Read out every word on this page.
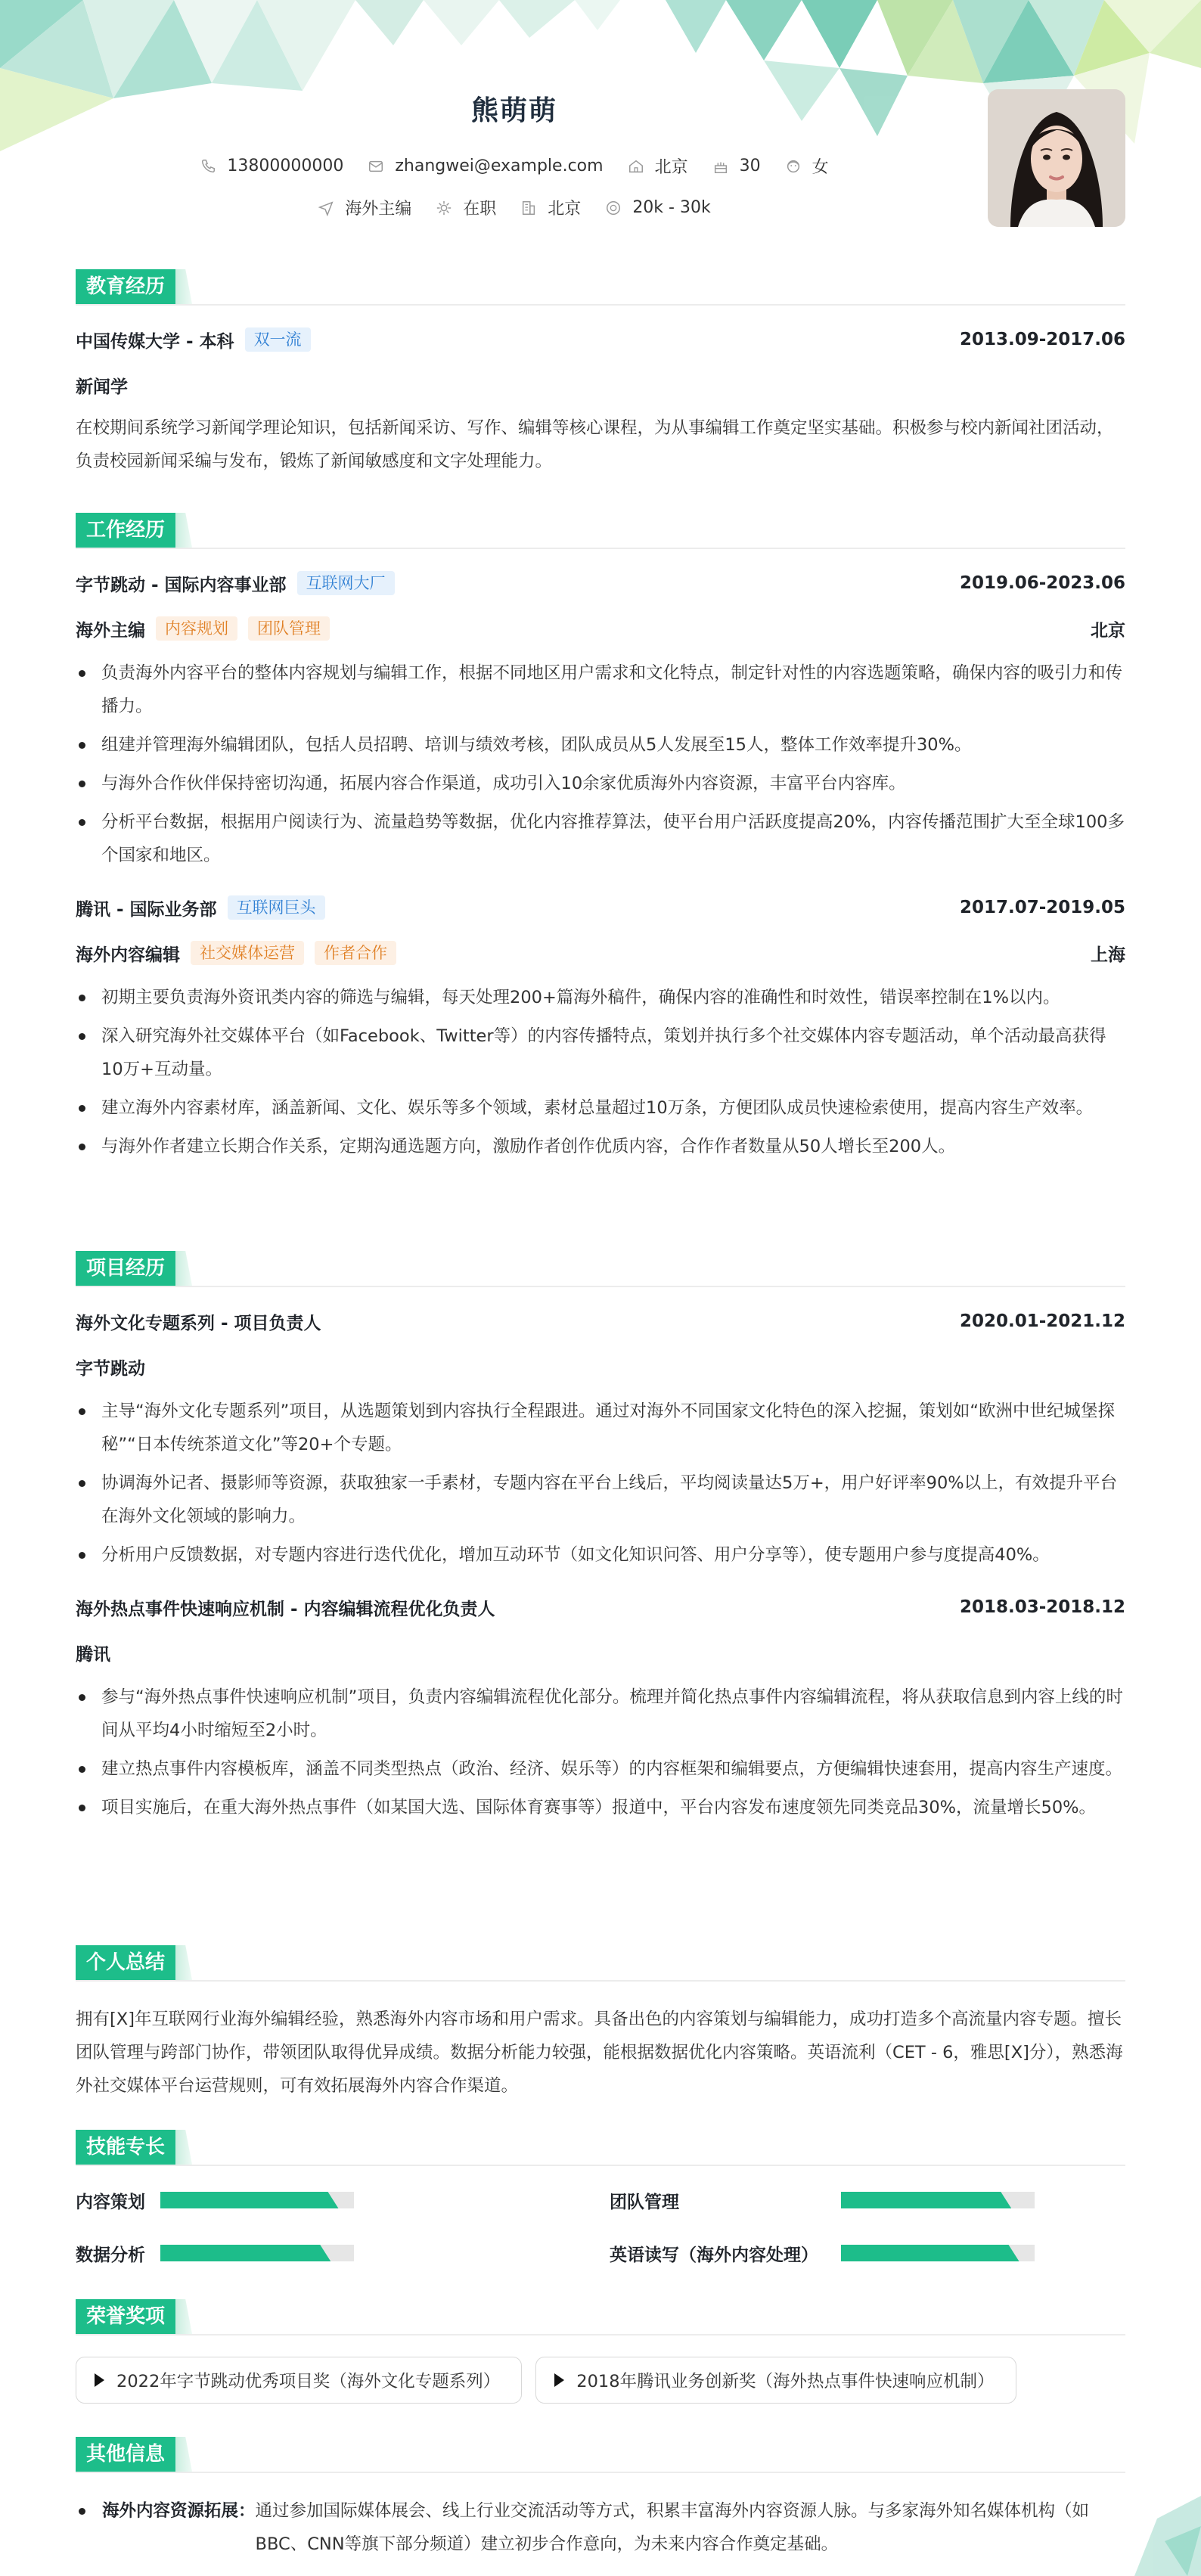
熊萌萌
13800000000	zhangwei@example.com	北京	30	女
海外主编	在职	北京	20k - 30k
教育经历
中国传媒大学 - 本科	双一流	2013.09-2017.06
新闻学
在校期间系统学习新闻学理论知识，包括新闻采访、写作、编辑等核心课程，为从事编辑工作奠定坚实基础。积极参与校内新闻社团活动，负责校园新闻采编与发布，锻炼了新闻敏感度和文字处理能力。
工作经历
字节跳动 - 国际内容事业部	互联网大厂	2019.06-2023.06
海外主编	内容规划	团队管理	北京
负责海外内容平台的整体内容规划与编辑工作，根据不同地区用户需求和文化特点，制定针对性的内容选题策略，确保内容的吸引力和传播力。
组建并管理海外编辑团队，包括人员招聘、培训与绩效考核，团队成员从5人发展至15人，整体工作效率提升30%。
与海外合作伙伴保持密切沟通，拓展内容合作渠道，成功引入10余家优质海外内容资源，丰富平台内容库。
分析平台数据，根据用户阅读行为、流量趋势等数据，优化内容推荐算法，使平台用户活跃度提高20%，内容传播范围扩大至全球100多个国家和地区。
腾讯 - 国际业务部	互联网巨头	2017.07-2019.05
海外内容编辑	社交媒体运营	作者合作	上海
初期主要负责海外资讯类内容的筛选与编辑，每天处理200+篇海外稿件，确保内容的准确性和时效性，错误率控制在1%以内。
深入研究海外社交媒体平台（如Facebook、Twitter等）的内容传播特点，策划并执行多个社交媒体内容专题活动，单个活动最高获得10万+互动量。
建立海外内容素材库，涵盖新闻、文化、娱乐等多个领域，素材总量超过10万条，方便团队成员快速检索使用，提高内容生产效率。
与海外作者建立长期合作关系，定期沟通选题方向，激励作者创作优质内容，合作作者数量从50人增长至200人。
项目经历
海外文化专题系列 - 项目负责人	2020.01-2021.12
字节跳动
主导“海外文化专题系列”项目，从选题策划到内容执行全程跟进。通过对海外不同国家文化特色的深入挖掘，策划如“欧洲中世纪城堡探秘”“日本传统茶道文化”等20+个专题。
协调海外记者、摄影师等资源，获取独家一手素材，专题内容在平台上线后，平均阅读量达5万+，用户好评率90%以上，有效提升平台在海外文化领域的影响力。
分析用户反馈数据，对专题内容进行迭代优化，增加互动环节（如文化知识问答、用户分享等），使专题用户参与度提高40%。
海外热点事件快速响应机制 - 内容编辑流程优化负责人	2018.03-2018.12
腾讯
参与“海外热点事件快速响应机制”项目，负责内容编辑流程优化部分。梳理并简化热点事件内容编辑流程，将从获取信息到内容上线的时间从平均4小时缩短至2小时。
建立热点事件内容模板库，涵盖不同类型热点（政治、经济、娱乐等）的内容框架和编辑要点，方便编辑快速套用，提高内容生产速度。
项目实施后，在重大海外热点事件（如某国大选、国际体育赛事等）报道中，平台内容发布速度领先同类竞品30%，流量增长50%。
个人总结
拥有[X]年互联网行业海外编辑经验，熟悉海外内容市场和用户需求。具备出色的内容策划与编辑能力，成功打造多个高流量内容专题。擅长团队管理与跨部门协作，带领团队取得优异成绩。数据分析能力较强，能根据数据优化内容策略。英语流利（CET - 6，雅思[X]分），熟悉海外社交媒体平台运营规则，可有效拓展海外内容合作渠道。
技能专长
内容策划	团队管理
数据分析	英语读写（海外内容处理）
荣誉奖项
2022年字节跳动优秀项目奖（海外文化专题系列）	2018年腾讯业务创新奖（海外热点事件快速响应机制）
其他信息
海外内容资源拓展： 通过参加国际媒体展会、线上行业交流活动等方式，积累丰富海外内容资源人脉。与多家海外知名媒体机构（如BBC、CNN等旗下部分频道）建立初步合作意向，为未来内容合作奠定基础。
